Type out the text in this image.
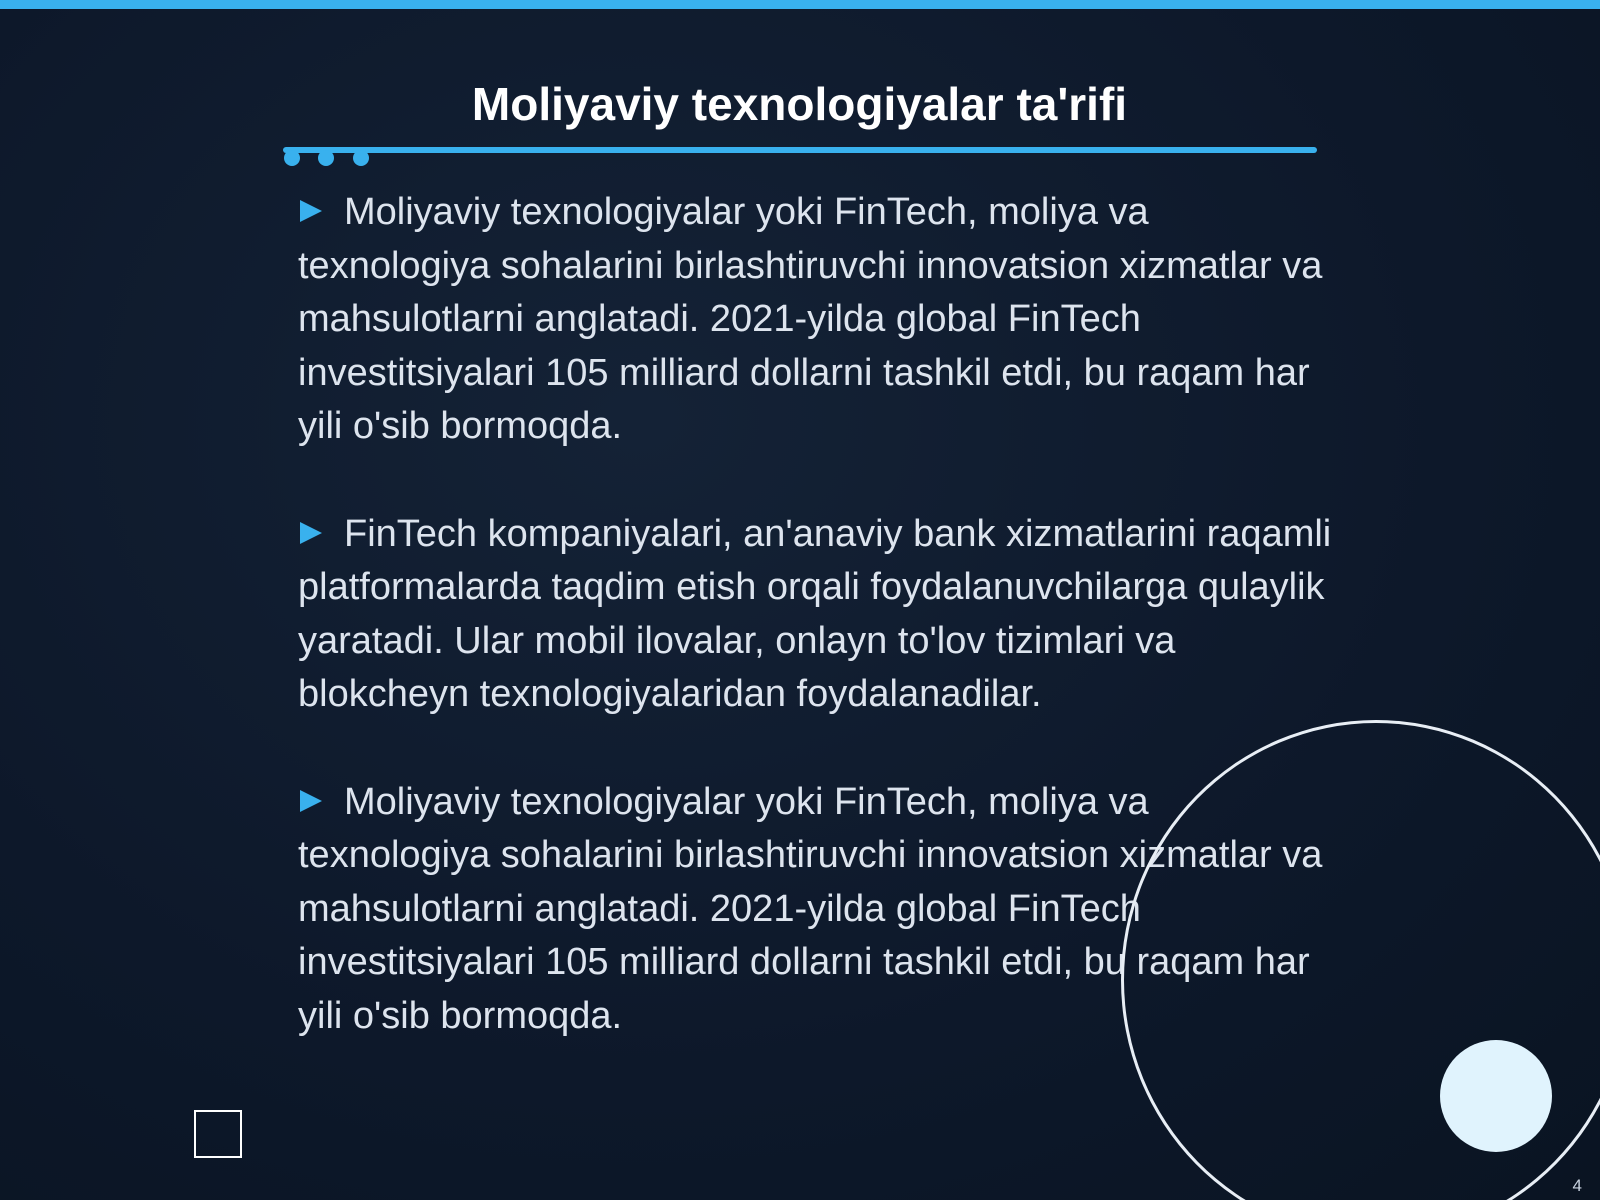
Moliyaviy texnologiyalar ta'rifi

Moliyaviy texnologiyalar yoki FinTech, moliya va texnologiya sohalarini birlashtiruvchi innovatsion xizmatlar va mahsulotlarni anglatadi. 2021-yilda global FinTech investitsiyalari 105 milliard dollarni tashkil etdi, bu raqam har yili o'sib bormoqda.

FinTech kompaniyalari, an'anaviy bank xizmatlarini raqamli platformalarda taqdim etish orqali foydalanuvchilarga qulaylik yaratadi. Ular mobil ilovalar, onlayn to'lov tizimlari va blokcheyn texnologiyalaridan foydalanadilar.

Moliyaviy texnologiyalar yoki FinTech, moliya va texnologiya sohalarini birlashtiruvchi innovatsion xizmatlar va mahsulotlarni anglatadi. 2021-yilda global FinTech investitsiyalari 105 milliard dollarni tashkil etdi, bu raqam har yili o'sib bormoqda.

4
